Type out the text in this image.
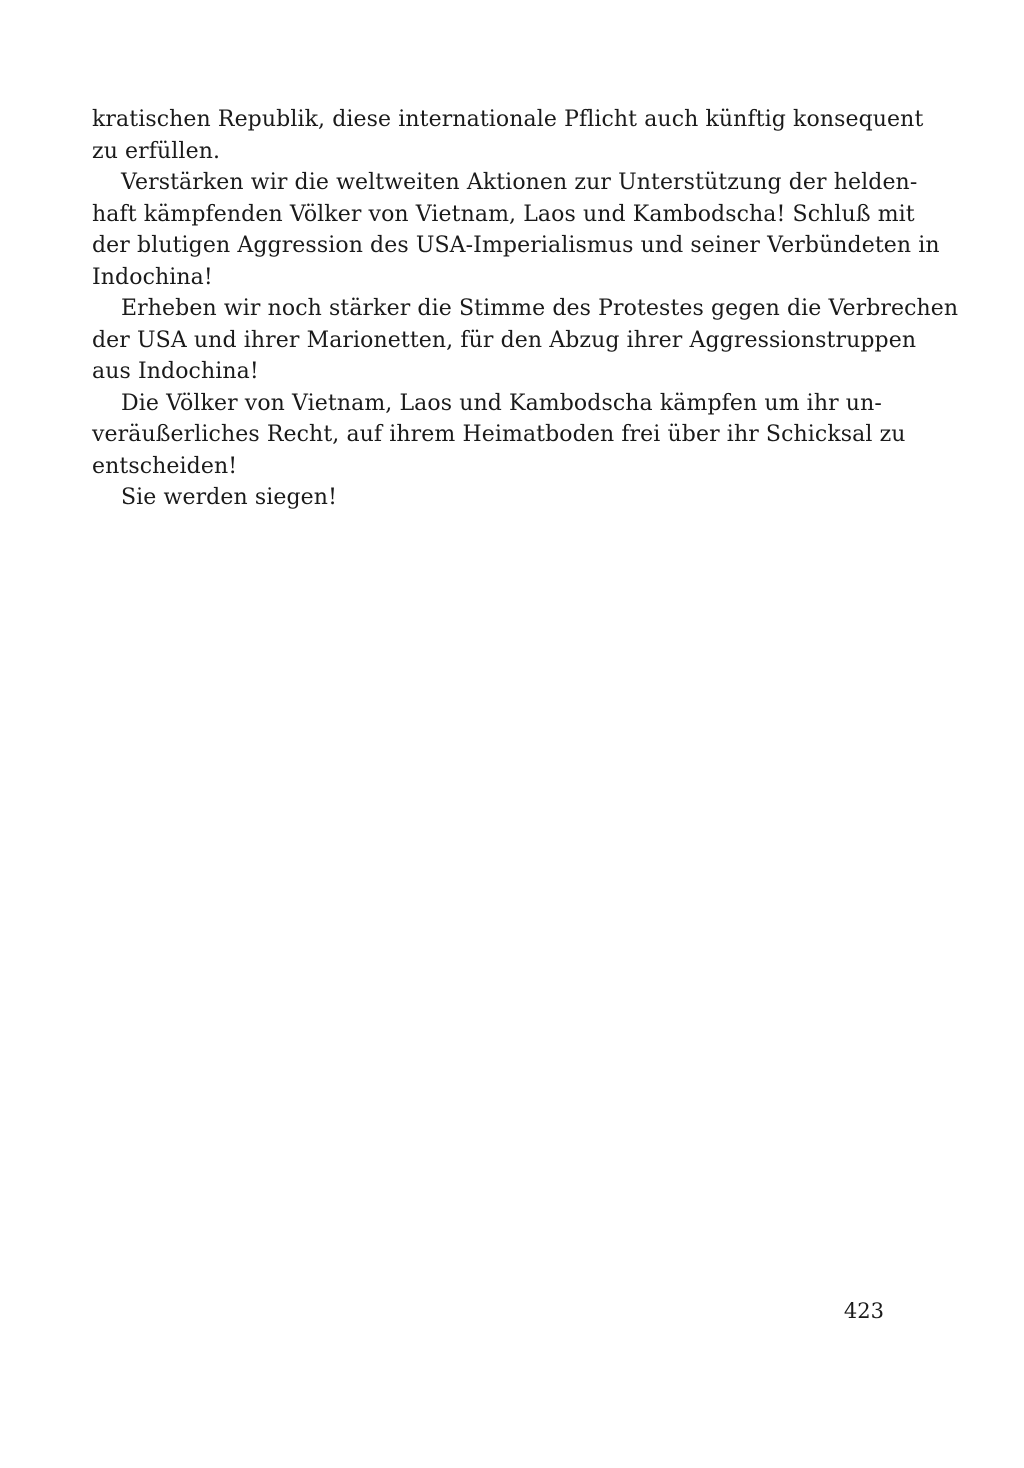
kratischen Republik, diese internationale Pflicht auch künftig konsequent
zu erfüllen.
Verstärken wir die weltweiten Aktionen zur Unterstützung der helden-
haft kämpfenden Völker von Vietnam, Laos und Kambodscha! Schluß mit
der blutigen Aggression des USA-Imperialismus und seiner Verbündeten in
Indochina!
Erheben wir noch stärker die Stimme des Protestes gegen die Verbrechen
der USA und ihrer Marionetten, für den Abzug ihrer Aggressionstruppen
aus Indochina!
Die Völker von Vietnam, Laos und Kambodscha kämpfen um ihr un-
veräußerliches Recht, auf ihrem Heimatboden frei über ihr Schicksal zu
entscheiden!
Sie werden siegen!
423
